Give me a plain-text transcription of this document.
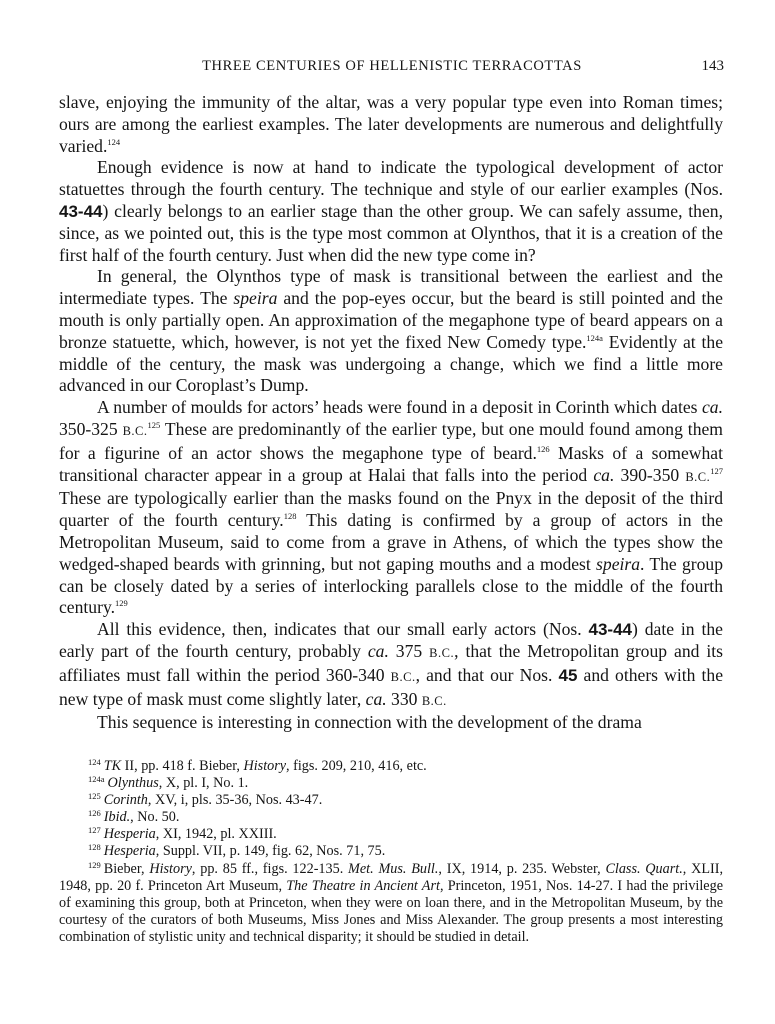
THREE CENTURIES OF HELLENISTIC TERRACOTTAS	143

slave, enjoying the immunity of the altar, was a very popular type even into Roman times; ours are among the earliest examples. The later developments are numerous and delightfully varied.$^{124}$

Enough evidence is now at hand to indicate the typological development of actor statuettes through the fourth century. The technique and style of our earlier examples (Nos. 43-44) clearly belongs to an earlier stage than the other group. We can safely assume, then, since, as we pointed out, this is the type most common at Olynthos, that it is a creation of the first half of the fourth century. Just when did the new type come in?

In general, the Olynthos type of mask is transitional between the earliest and the intermediate types. The speira and the pop-eyes occur, but the beard is still pointed and the mouth is only partially open. An approximation of the megaphone type of beard appears on a bronze statuette, which, however, is not yet the fixed New Comedy type.$^{124a}$ Evidently at the middle of the century, the mask was undergoing a change, which we find a little more advanced in our Coroplast’s Dump.

A number of moulds for actors’ heads were found in a deposit in Corinth which dates ca. 350-325 B.C.$^{125}$ These are predominantly of the earlier type, but one mould found among them for a figurine of an actor shows the megaphone type of beard.$^{126}$ Masks of a somewhat transitional character appear in a group at Halai that falls into the period ca. 390-350 B.C.$^{127}$ These are typologically earlier than the masks found on the Pnyx in the deposit of the third quarter of the fourth century.$^{128}$ This dating is confirmed by a group of actors in the Metropolitan Museum, said to come from a grave in Athens, of which the types show the wedged-shaped beards with grinning, but not gaping mouths and a modest speira. The group can be closely dated by a series of interlocking parallels close to the middle of the fourth century.$^{129}$

All this evidence, then, indicates that our small early actors (Nos. 43-44) date in the early part of the fourth century, probably ca. 375 B.C., that the Metropolitan group and its affiliates must fall within the period 360-340 B.C., and that our Nos. 45 and others with the new type of mask must come slightly later, ca. 330 B.C.

This sequence is interesting in connection with the development of the drama

$^{124}$ TK II, pp. 418 f. Bieber, History, figs. 209, 210, 416, etc.

$^{124a}$ Olynthus, X, pl. I, No. 1.

$^{125}$ Corinth, XV, i, pls. 35-36, Nos. 43-47.

$^{126}$ Ibid., No. 50.

$^{127}$ Hesperia, XI, 1942, pl. XXIII.

$^{128}$ Hesperia, Suppl. VII, p. 149, fig. 62, Nos. 71, 75.

$^{129}$ Bieber, History, pp. 85 ff., figs. 122-135. Met. Mus. Bull., IX, 1914, p. 235. Webster, Class. Quart., XLII, 1948, pp. 20 f. Princeton Art Museum, The Theatre in Ancient Art, Princeton, 1951, Nos. 14-27. I had the privilege of examining this group, both at Princeton, when they were on loan there, and in the Metropolitan Museum, by the courtesy of the curators of both Museums, Miss Jones and Miss Alexander. The group presents a most interesting combination of stylistic unity and technical disparity; it should be studied in detail.
